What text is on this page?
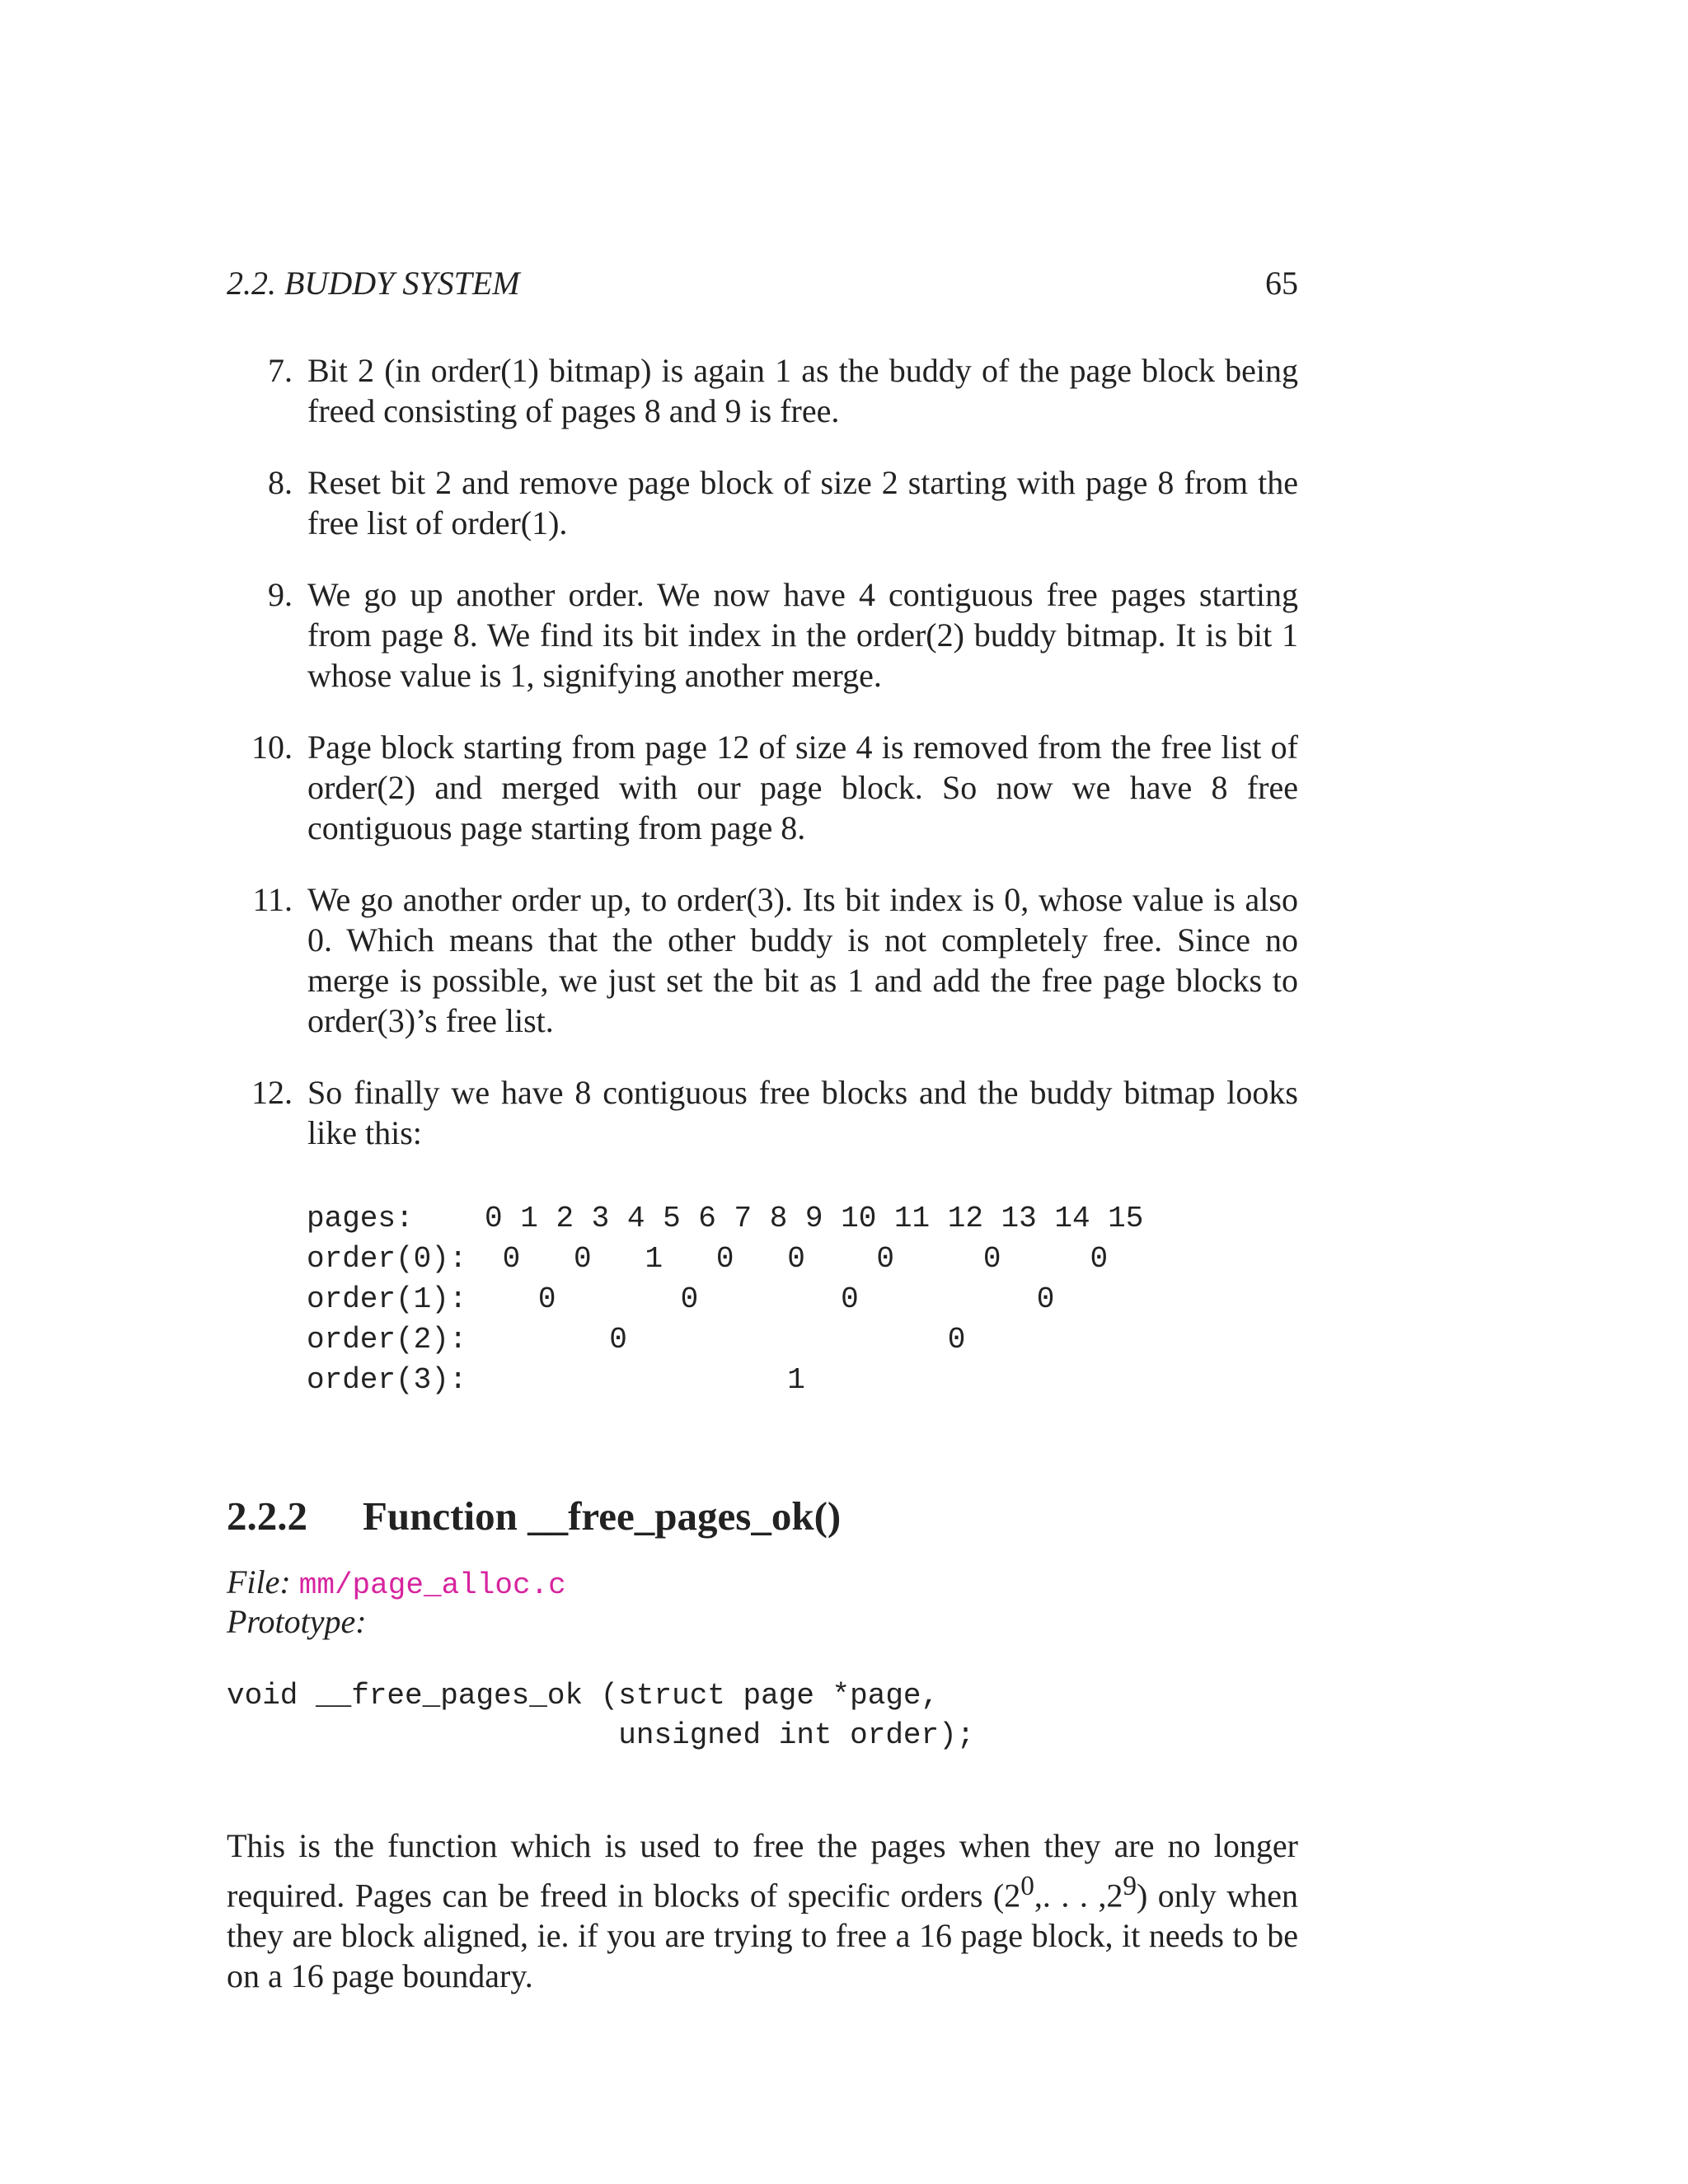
2.2. BUDDY SYSTEM	65
7. Bit 2 (in order(1) bitmap) is again 1 as the buddy of the page block being freed consisting of pages 8 and 9 is free.
8. Reset bit 2 and remove page block of size 2 starting with page 8 from the free list of order(1).
9. We go up another order. We now have 4 contiguous free pages starting from page 8. We find its bit index in the order(2) buddy bitmap. It is bit 1 whose value is 1, signifying another merge.
10. Page block starting from page 12 of size 4 is removed from the free list of order(2) and merged with our page block. So now we have 8 free contiguous page starting from page 8.
11. We go another order up, to order(3). Its bit index is 0, whose value is also 0. Which means that the other buddy is not completely free. Since no merge is possible, we just set the bit as 1 and add the free page blocks to order(3)’s free list.
12. So finally we have 8 contiguous free blocks and the buddy bitmap looks like this:
pages:    0 1 2 3 4 5 6 7 8 9 10 11 12 13 14 15
order(0):  0   0   1   0   0    0     0     0
order(1):    0       0        0          0
order(2):        0                  0
order(3):                  1
2.2.2 Function __free_pages_ok()
File: mm/page_alloc.c
Prototype:
void __free_pages_ok (struct page *page,
unsigned int order);

This is the function which is used to free the pages when they are no longer required. Pages can be freed in blocks of specific orders ($2^0$,. . . $,2^9$) only when they are block aligned, ie. if you are trying to free a 16 page block, it needs to be on a 16 page boundary.
